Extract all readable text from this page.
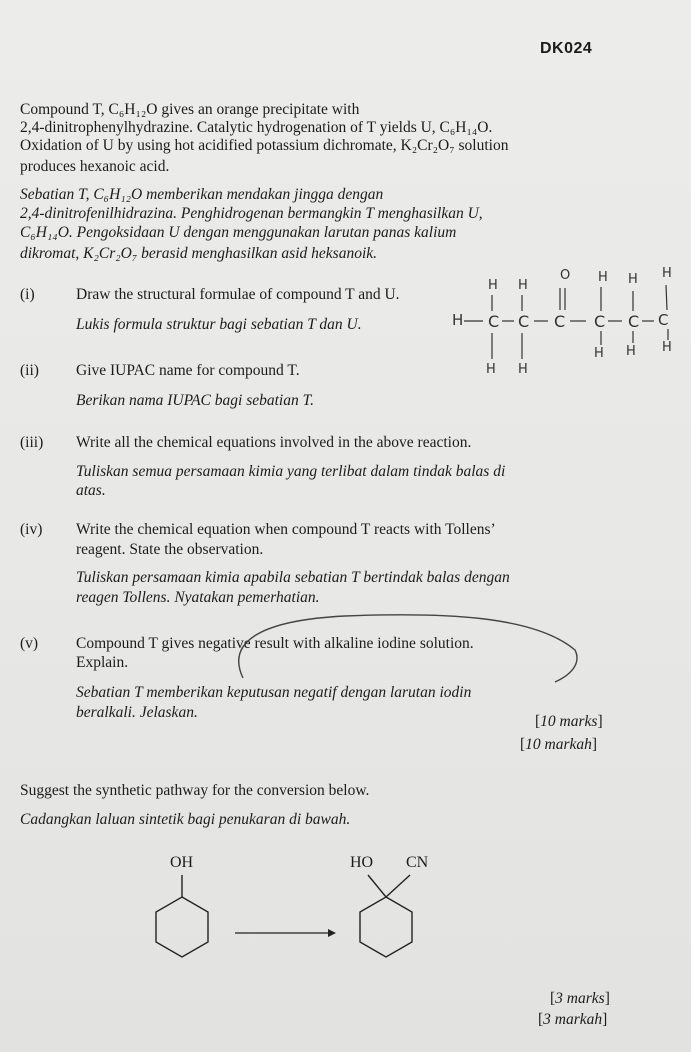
DK024
Compound T, C₆H₁₂O gives an orange precipitate with
2,4-dinitrophenylhydrazine. Catalytic hydrogenation of T yields U, C₆H₁₄O.
Oxidation of U by using hot acidified potassium dichromate, K₂Cr₂O₇ solution
produces hexanoic acid.
Sebatian T, C₆H₁₂O memberikan mendakan jingga dengan
2,4-dinitrofenilhidrazina. Penghidrogenan bermangkin T menghasilkan U,
C₆H₁₄O. Pengoksidaan U dengan menggunakan larutan panas kalium
dikromat, K₂Cr₂O₇ berasid menghasilkan asid heksanoik.
(i)	Draw the structural formulae of compound T and U.
Lukis formula struktur bagi sebatian T dan U.
H H
O H H H
H C C C C C C
H H H
H H
(ii) Give IUPAC name for compound T.
Berikan nama IUPAC bagi sebatian T.
(iii) Write all the chemical equations involved in the above reaction.
Tuliskan semua persamaan kimia yang terlibat dalam tindak balas di
atas.
(iv) Write the chemical equation when compound T reacts with Tollens’
reagent. State the observation.
Tuliskan persamaan kimia apabila sebatian T bertindak balas dengan
reagen Tollens. Nyatakan pemerhatian.
(v) Compound T gives negative result with alkaline iodine solution.
Explain.
Sebatian T memberikan keputusan negatif dengan larutan iodin
beralkali. Jelaskan.
[10 marks]
[10 markah]
Suggest the synthetic pathway for the conversion below.
Cadangkan laluan sintetik bagi penukaran di bawah.
OH	HO CN
[3 marks]
[3 markah]
